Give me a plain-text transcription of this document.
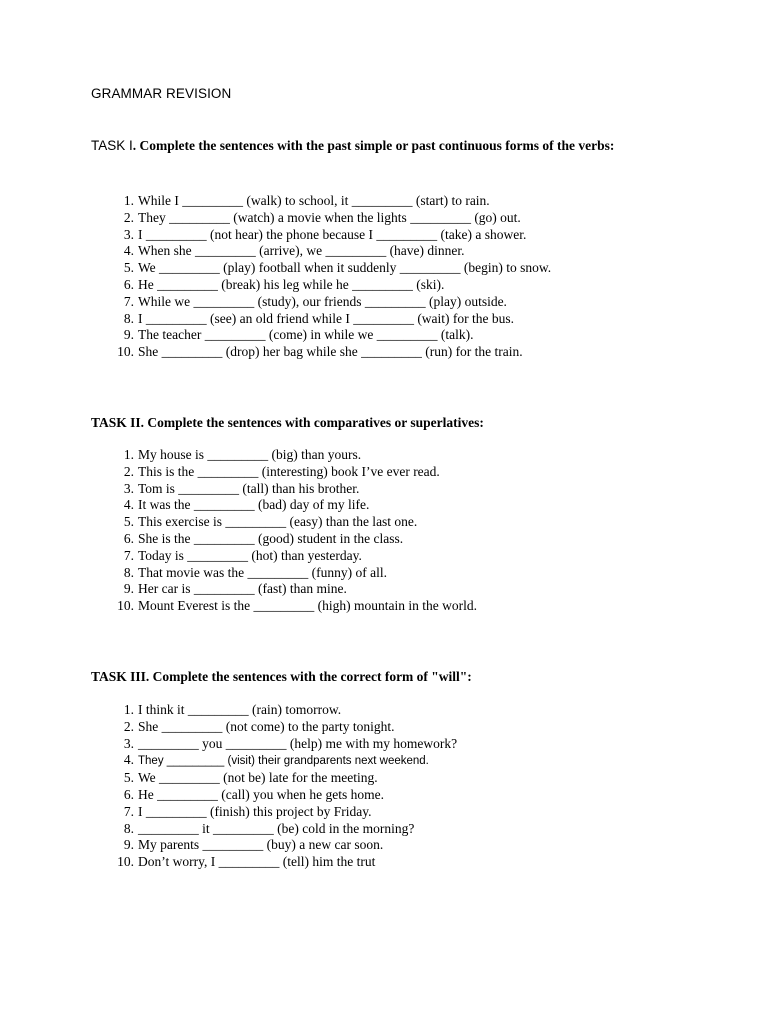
GRAMMAR REVISION
TASK I. Complete the sentences with the past simple or past continuous forms of the verbs:
1. While I _________ (walk) to school, it _________ (start) to rain.
2. They _________ (watch) a movie when the lights _________ (go) out.
3. I _________ (not hear) the phone because I _________ (take) a shower.
4. When she _________ (arrive), we _________ (have) dinner.
5. We _________ (play) football when it suddenly _________ (begin) to snow.
6. He _________ (break) his leg while he _________ (ski).
7. While we _________ (study), our friends _________ (play) outside.
8. I _________ (see) an old friend while I _________ (wait) for the bus.
9. The teacher _________ (come) in while we _________ (talk).
10. She _________ (drop) her bag while she _________ (run) for the train.
TASK II. Complete the sentences with comparatives or superlatives:
1. My house is _________ (big) than yours.
2. This is the _________ (interesting) book I’ve ever read.
3. Tom is _________ (tall) than his brother.
4. It was the _________ (bad) day of my life.
5. This exercise is _________ (easy) than the last one.
6. She is the _________ (good) student in the class.
7. Today is _________ (hot) than yesterday.
8. That movie was the _________ (funny) of all.
9. Her car is _________ (fast) than mine.
10. Mount Everest is the _________ (high) mountain in the world.
TASK III. Complete the sentences with the correct form of "will":
1. I think it _________ (rain) tomorrow.
2. She _________ (not come) to the party tonight.
3. _________ you _________ (help) me with my homework?
4. They _________ (visit) their grandparents next weekend.
5. We _________ (not be) late for the meeting.
6. He _________ (call) you when he gets home.
7. I _________ (finish) this project by Friday.
8. _________ it _________ (be) cold in the morning?
9. My parents _________ (buy) a new car soon.
10. Don’t worry, I _________ (tell) him the trut
